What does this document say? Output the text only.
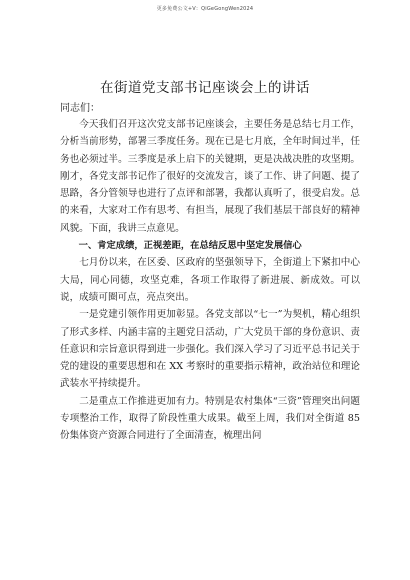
更多免费公文+V：QiGeGongWen2024
在街道党支部书记座谈会上的讲话
同志们：

今天我们召开这次党支部书记座谈会，主要任务是总结七月工作，分析当前形势，部署三季度任务。现在已是七月底，全年时间过半，任务也必须过半。三季度是承上启下的关键期，更是决战决胜的攻坚期。刚才，各党支部书记作了很好的交流发言，谈了工作、讲了问题、提了思路，各分管领导也进行了点评和部署，我都认真听了，很受启发。总的来看，大家对工作有思考、有担当，展现了我们基层干部良好的精神风貌。下面，我讲三点意见。

一、肯定成绩，正视差距，在总结反思中坚定发展信心

七月份以来，在区委、区政府的坚强领导下，全街道上下紧扣中心大局，同心同德，攻坚克难，各项工作取得了新进展、新成效。可以说，成绩可圈可点，亮点突出。

一是党建引领作用更加彰显。各党支部以“七一”为契机，精心组织了形式多样、内涵丰富的主题党日活动，广大党员干部的身份意识、责任意识和宗旨意识得到进一步强化。我们深入学习了习近平总书记关于党的建设的重要思想和在 XX 考察时的重要指示精神，政治站位和理论武装水平持续提升。

二是重点工作推进更加有力。特别是农村集体“三资”管理突出问题专项整治工作，取得了阶段性重大成果。截至上周，我们对全街道 85 份集体资产资源合同进行了全面清查，梳理出问
